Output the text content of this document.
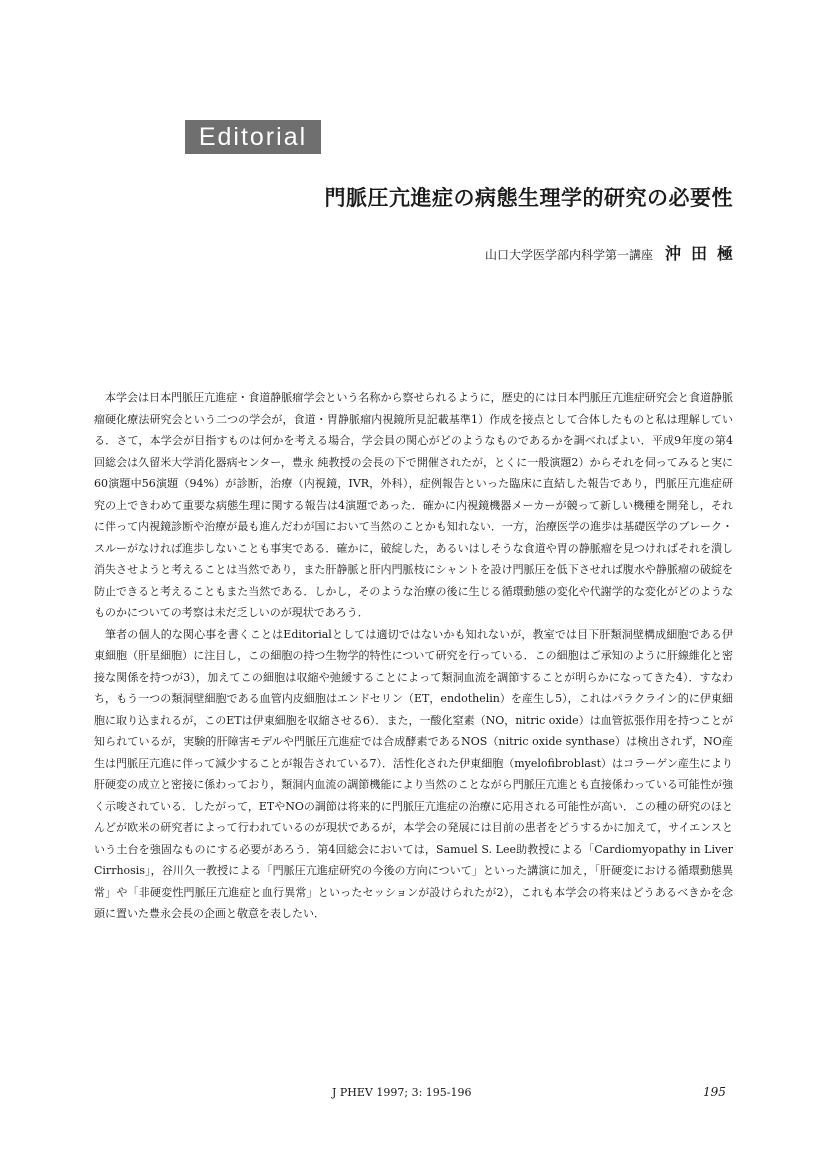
Editorial
門脈圧亢進症の病態生理学的研究の必要性
山口大学医学部内科学第一講座 沖田極

本学会は日本門脈圧亢進症・食道静脈瘤学会という名称から察せられるように，歴史的には日本門脈圧亢進症研究会と食道静脈瘤硬化療法研究会という二つの学会が，食道・胃静脈瘤内視鏡所見記載基準1）作成を接点として合体したものと私は理解している．さて，本学会が目指すものは何かを考える場合，学会員の関心がどのようなものであるかを調べればよい．平成9年度の第4回総会は久留米大学消化器病センター，豊永 純教授の会長の下で開催されたが，とくに一般演題2）からそれを伺ってみると実に60演題中56演題（94%）が診断，治療（内視鏡，IVR，外科），症例報告といった臨床に直結した報告であり，門脈圧亢進症研究の上できわめて重要な病態生理に関する報告は4演題であった．確かに内視鏡機器メーカーが競って新しい機種を開発し，それに伴って内視鏡診断や治療が最も進んだわが国において当然のことかも知れない．一方，治療医学の進歩は基礎医学のブレーク・スルーがなければ進歩しないことも事実である．確かに，破綻した，あるいはしそうな食道や胃の静脈瘤を見つければそれを潰し消失させようと考えることは当然であり，また肝静脈と肝内門脈枝にシャントを設け門脈圧を低下させれば腹水や静脈瘤の破綻を防止できると考えることもまた当然である．しかし，そのような治療の後に生じる循環動態の変化や代謝学的な変化がどのようなものかについての考察は未だ乏しいのが現状であろう．

筆者の個人的な関心事を書くことはEditorialとしては適切ではないかも知れないが，教室では目下肝類洞壁構成細胞である伊東細胞（肝星細胞）に注目し，この細胞の持つ生物学的特性について研究を行っている．この細胞はご承知のように肝線維化と密接な関係を持つが3），加えてこの細胞は収縮や弛緩することによって類洞血流を調節することが明らかになってきた4）．すなわち，もう一つの類洞壁細胞である血管内皮細胞はエンドセリン（ET，endothelin）を産生し5），これはパラクライン的に伊東細胞に取り込まれるが，このETは伊東細胞を収縮させる6）．また，一酸化窒素（NO，nitric oxide）は血管拡張作用を持つことが知られているが，実験的肝障害モデルや門脈圧亢進症では合成酵素であるNOS（nitric oxide synthase）は検出されず，NO産生は門脈圧亢進に伴って減少することが報告されている7）．活性化された伊東細胞（myelofibroblast）はコラーゲン産生により肝硬変の成立と密接に係わっており，類洞内血流の調節機能により当然のことながら門脈圧亢進とも直接係わっている可能性が強く示唆されている．したがって，ETやNOの調節は将来的に門脈圧亢進症の治療に応用される可能性が高い．この種の研究のほとんどが欧米の研究者によって行われているのが現状であるが，本学会の発展には目前の患者をどうするかに加えて，サイエンスという土台を強固なものにする必要があろう．第4回総会においては，Samuel S. Lee助教授による「Cardiomyopathy in Liver Cirrhosis」，谷川久一教授による「門脈圧亢進症研究の今後の方向について」といった講演に加え，「肝硬変における循環動態異常」や「非硬変性門脈圧亢進症と血行異常」といったセッションが設けられたが2），これも本学会の将来はどうあるべきかを念頭に置いた豊永会長の企画と敬意を表したい．

J PHEV 1997; 3: 195-196	195
